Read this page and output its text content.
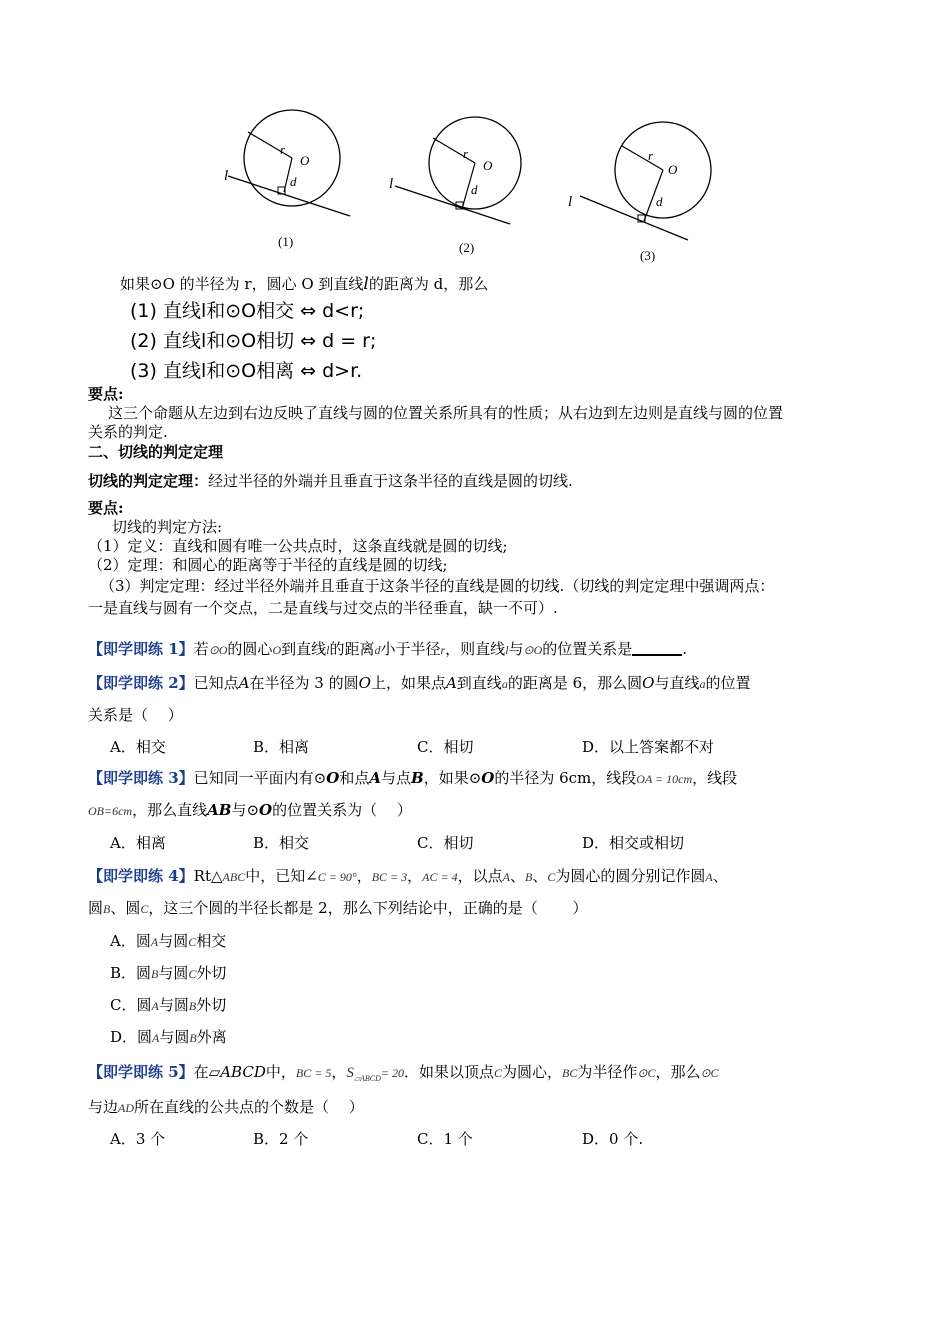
r
O
d
l
(1)
r
O
d
l
(2)
r
O
d
l
(3)
如果⊙O 的半径为 r，圆心 O 到直线l的距离为 d，那么
(1) 直线l和⊙O相交 ⇔ d<r;
(2) 直线l和⊙O相切 ⇔ d = r;
(3) 直线l和⊙O相离 ⇔ d>r.
要点:
这三个命题从左边到右边反映了直线与圆的位置关系所具有的性质；从右边到左边则是直线与圆的位置
关系的判定.
二、切线的判定定理
切线的判定定理：经过半径的外端并且垂直于这条半径的直线是圆的切线.
要点:
切线的判定方法:
（1）定义：直线和圆有唯一公共点时，这条直线就是圆的切线;
（2）定理：和圆心的距离等于半径的直线是圆的切线;
（3）判定定理：经过半径外端并且垂直于这条半径的直线是圆的切线.（切线的判定定理中强调两点：
一是直线与圆有一个交点，二是直线与过交点的半径垂直，缺一不可）.
【即学即练 1】若⊙O的圆心O到直线l的距离d小于半径r，则直线l与⊙O的位置关系是	.
【即学即练 2】已知点A在半径为 3 的圆O上，如果点A到直线a的距离是 6，那么圆O与直线a的位置
关系是（　 ）
A．相交	B．相离	C．相切	D．以上答案都不对
【即学即练 3】已知同一平面内有⊙O和点A与点B，如果⊙O的半径为 6cm，线段OA = 10cm，线段
OB=6cm，那么直线AB与⊙O的位置关系为（　 ）
A．相离	B．相交	C．相切	D．相交或相切
【即学即练 4】Rt△ABC中，已知∠C = 90°，BC = 3，AC = 4，以点A、B、C为圆心的圆分别记作圆A、
圆B、圆C，这三个圆的半径长都是 2，那么下列结论中，正确的是（　　 ）
A．圆A与圆C相交
B．圆B与圆C外切
C．圆A与圆B外切
D．圆A与圆B外离
【即学即练 5】在▱ABCD中，BC = 5，$S_{▱ABCD}= 20$．如果以顶点C为圆心，BC为半径作⊙C，那么⊙C
与边AD所在直线的公共点的个数是（　 ）
A．3 个	B．2 个	C．1 个	D．0 个.
